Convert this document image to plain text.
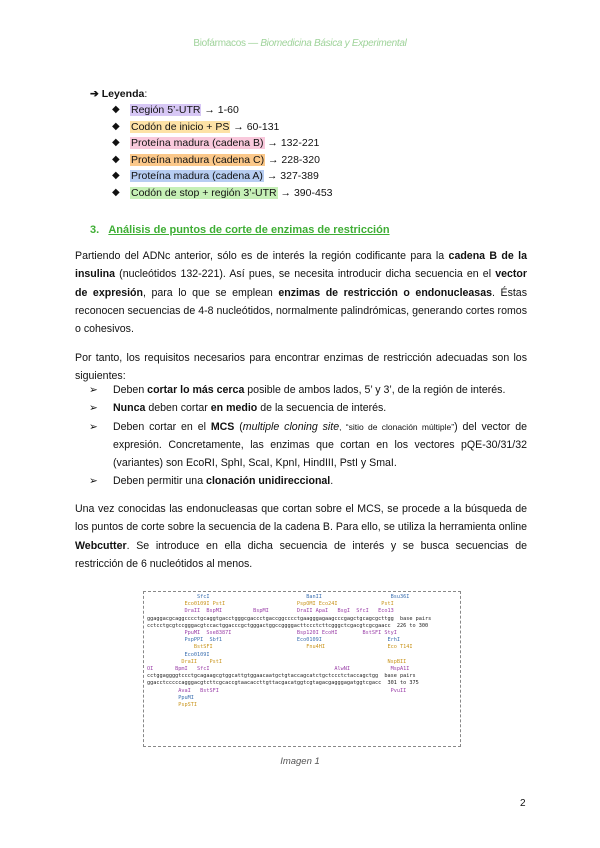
Biofármacos — Biomedicina Básica y Experimental
➔ Leyenda:
◆ Región 5’-UTR → 1-60
◆ Codón de inicio + PS → 60-131
◆ Proteína madura (cadena B) → 132-221
◆ Proteína madura (cadena C) → 228-320
◆ Proteína madura (cadena A) → 327-389
◆ Codón de stop + región 3’-UTR → 390-453
3. Análisis de puntos de corte de enzimas de restricción
Partiendo del ADNc anterior, sólo es de interés la región codificante para la cadena B de la insulina (nucleótidos 132-221). Así pues, se necesita introducir dicha secuencia en el vector de expresión, para lo que se emplean enzimas de restricción o endonucleasas. Éstas reconocen secuencias de 4-8 nucleótidos, normalmente palindrómicas, generando cortes romos o cohesivos.
Por tanto, los requisitos necesarios para encontrar enzimas de restricción adecuadas son los siguientes:
➢ Deben cortar lo más cerca posible de ambos lados, 5’ y 3’, de la región de interés.
➢ Nunca deben cortar en medio de la secuencia de interés.
➢ Deben cortar en el MCS (multiple cloning site, “sitio de clonación múltiple”) del vector de expresión. Concretamente, las enzimas que cortan en los vectores pQE-30/31/32 (variantes) son EcoRI, SphI, ScaI, KpnI, HindIII, PstI y SmaI.
➢ Deben permitir una clonación unidireccional.
Una vez conocidas las endonucleasas que cortan sobre el MCS, se procede a la búsqueda de los puntos de corte sobre la secuencia de la cadena B. Para ello, se utiliza la herramienta online Webcutter. Se introduce en ella dicha secuencia de interés y se busca secuencias de restricción de 6 nucleótidos al menos.
SfcI                               BanII                      Bsu36I
Eco0109I PstI                       PspOMI Eco24I              PstI
DraII  BspMI          BspMI         DraII ApaI   BsgI  SfcI   Eco13
ggaggacgcaggcccctgcaggtgacctgggcgaccctgaccggcccctgaagggagaagcccgagctgcagcgcttgg  base pairs
cctcctgcgtccgggacgtccactggacccgctgggactggccggggacttccctcttcgggctcgacgtcgcgaacc  226 to 300
PpuMI  Sse8387I                     Bsp120I EcoHI        BstSFI StyI
PspPPI  Sbf1                        Eco0109I                     ErhI
BstSFI                              Fnu4HI                    Eco T14I
Eco0109I
DraII    PstI                                                     NspBII
OI       BpmI   SfcI                                        AlwNI             MspA1I
cctggaggggtccctgcagaagcgtggcattgtggaacaatgctgtaccagcatctgctccctctaccagctgg  base pairs
ggacctcccccagggacgtcttcgcaccgtaacaccttgttacgacatggtcgtagacgagggagatggtcgacc  301 to 375
AvaI   BstSFI                                                       PvuII
PpuMI
PspSTI
Imagen 1
2
